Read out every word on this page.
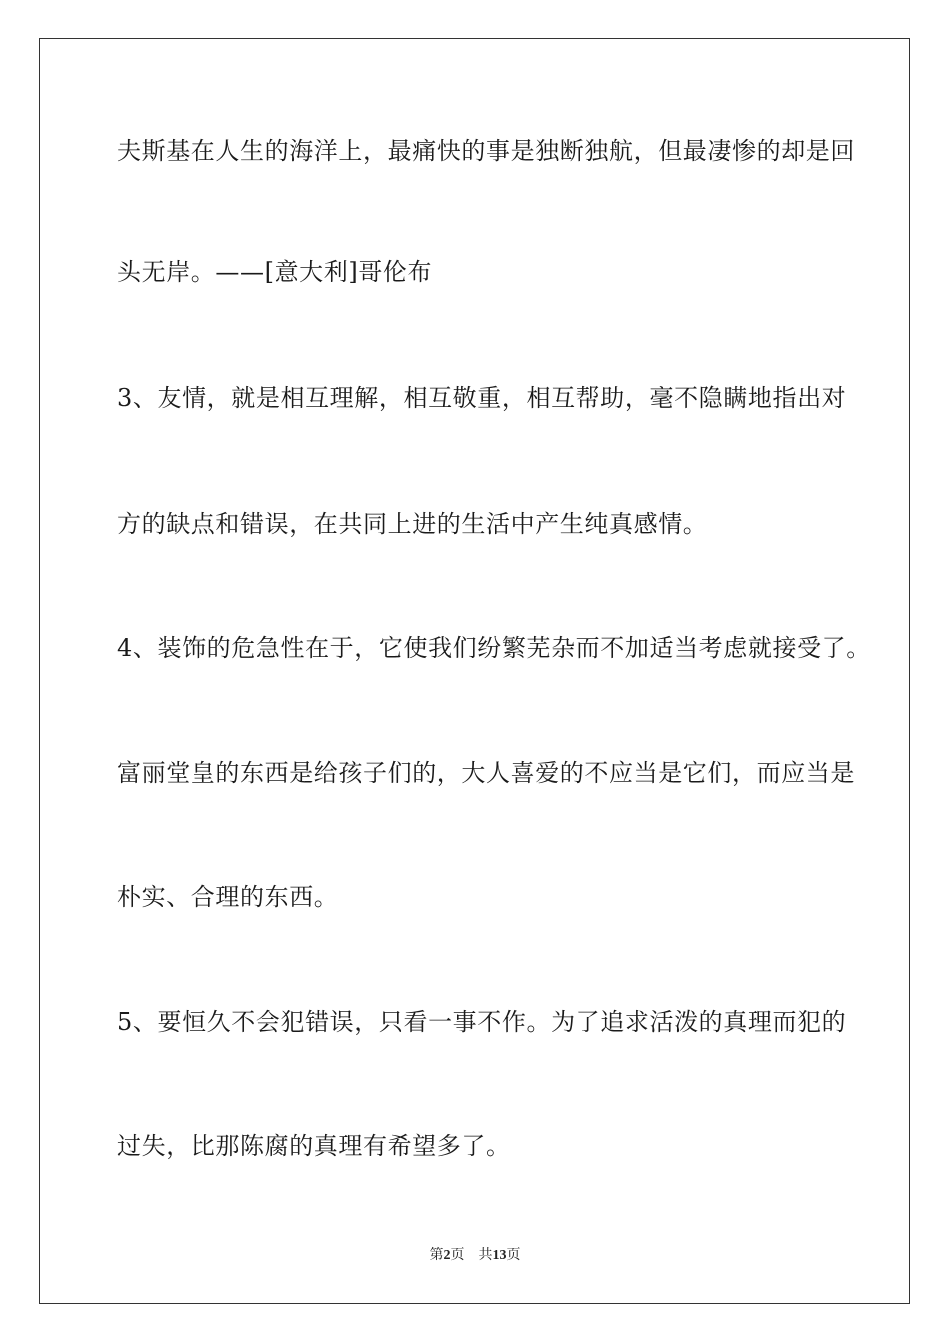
夫斯基在人生的海洋上，最痛快的事是独断独航，但最凄惨的却是回
头无岸。——[意大利]哥伦布
3、友情，就是相互理解，相互敬重，相互帮助，毫不隐瞒地指出对
方的缺点和错误，在共同上进的生活中产生纯真感情。
4、装饰的危急性在于，它使我们纷繁芜杂而不加适当考虑就接受了。
富丽堂皇的东西是给孩子们的，大人喜爱的不应当是它们，而应当是
朴实、合理的东西。
5、要恒久不会犯错误，只看一事不作。为了追求活泼的真理而犯的
过失，比那陈腐的真理有希望多了。
第2页 共13页
